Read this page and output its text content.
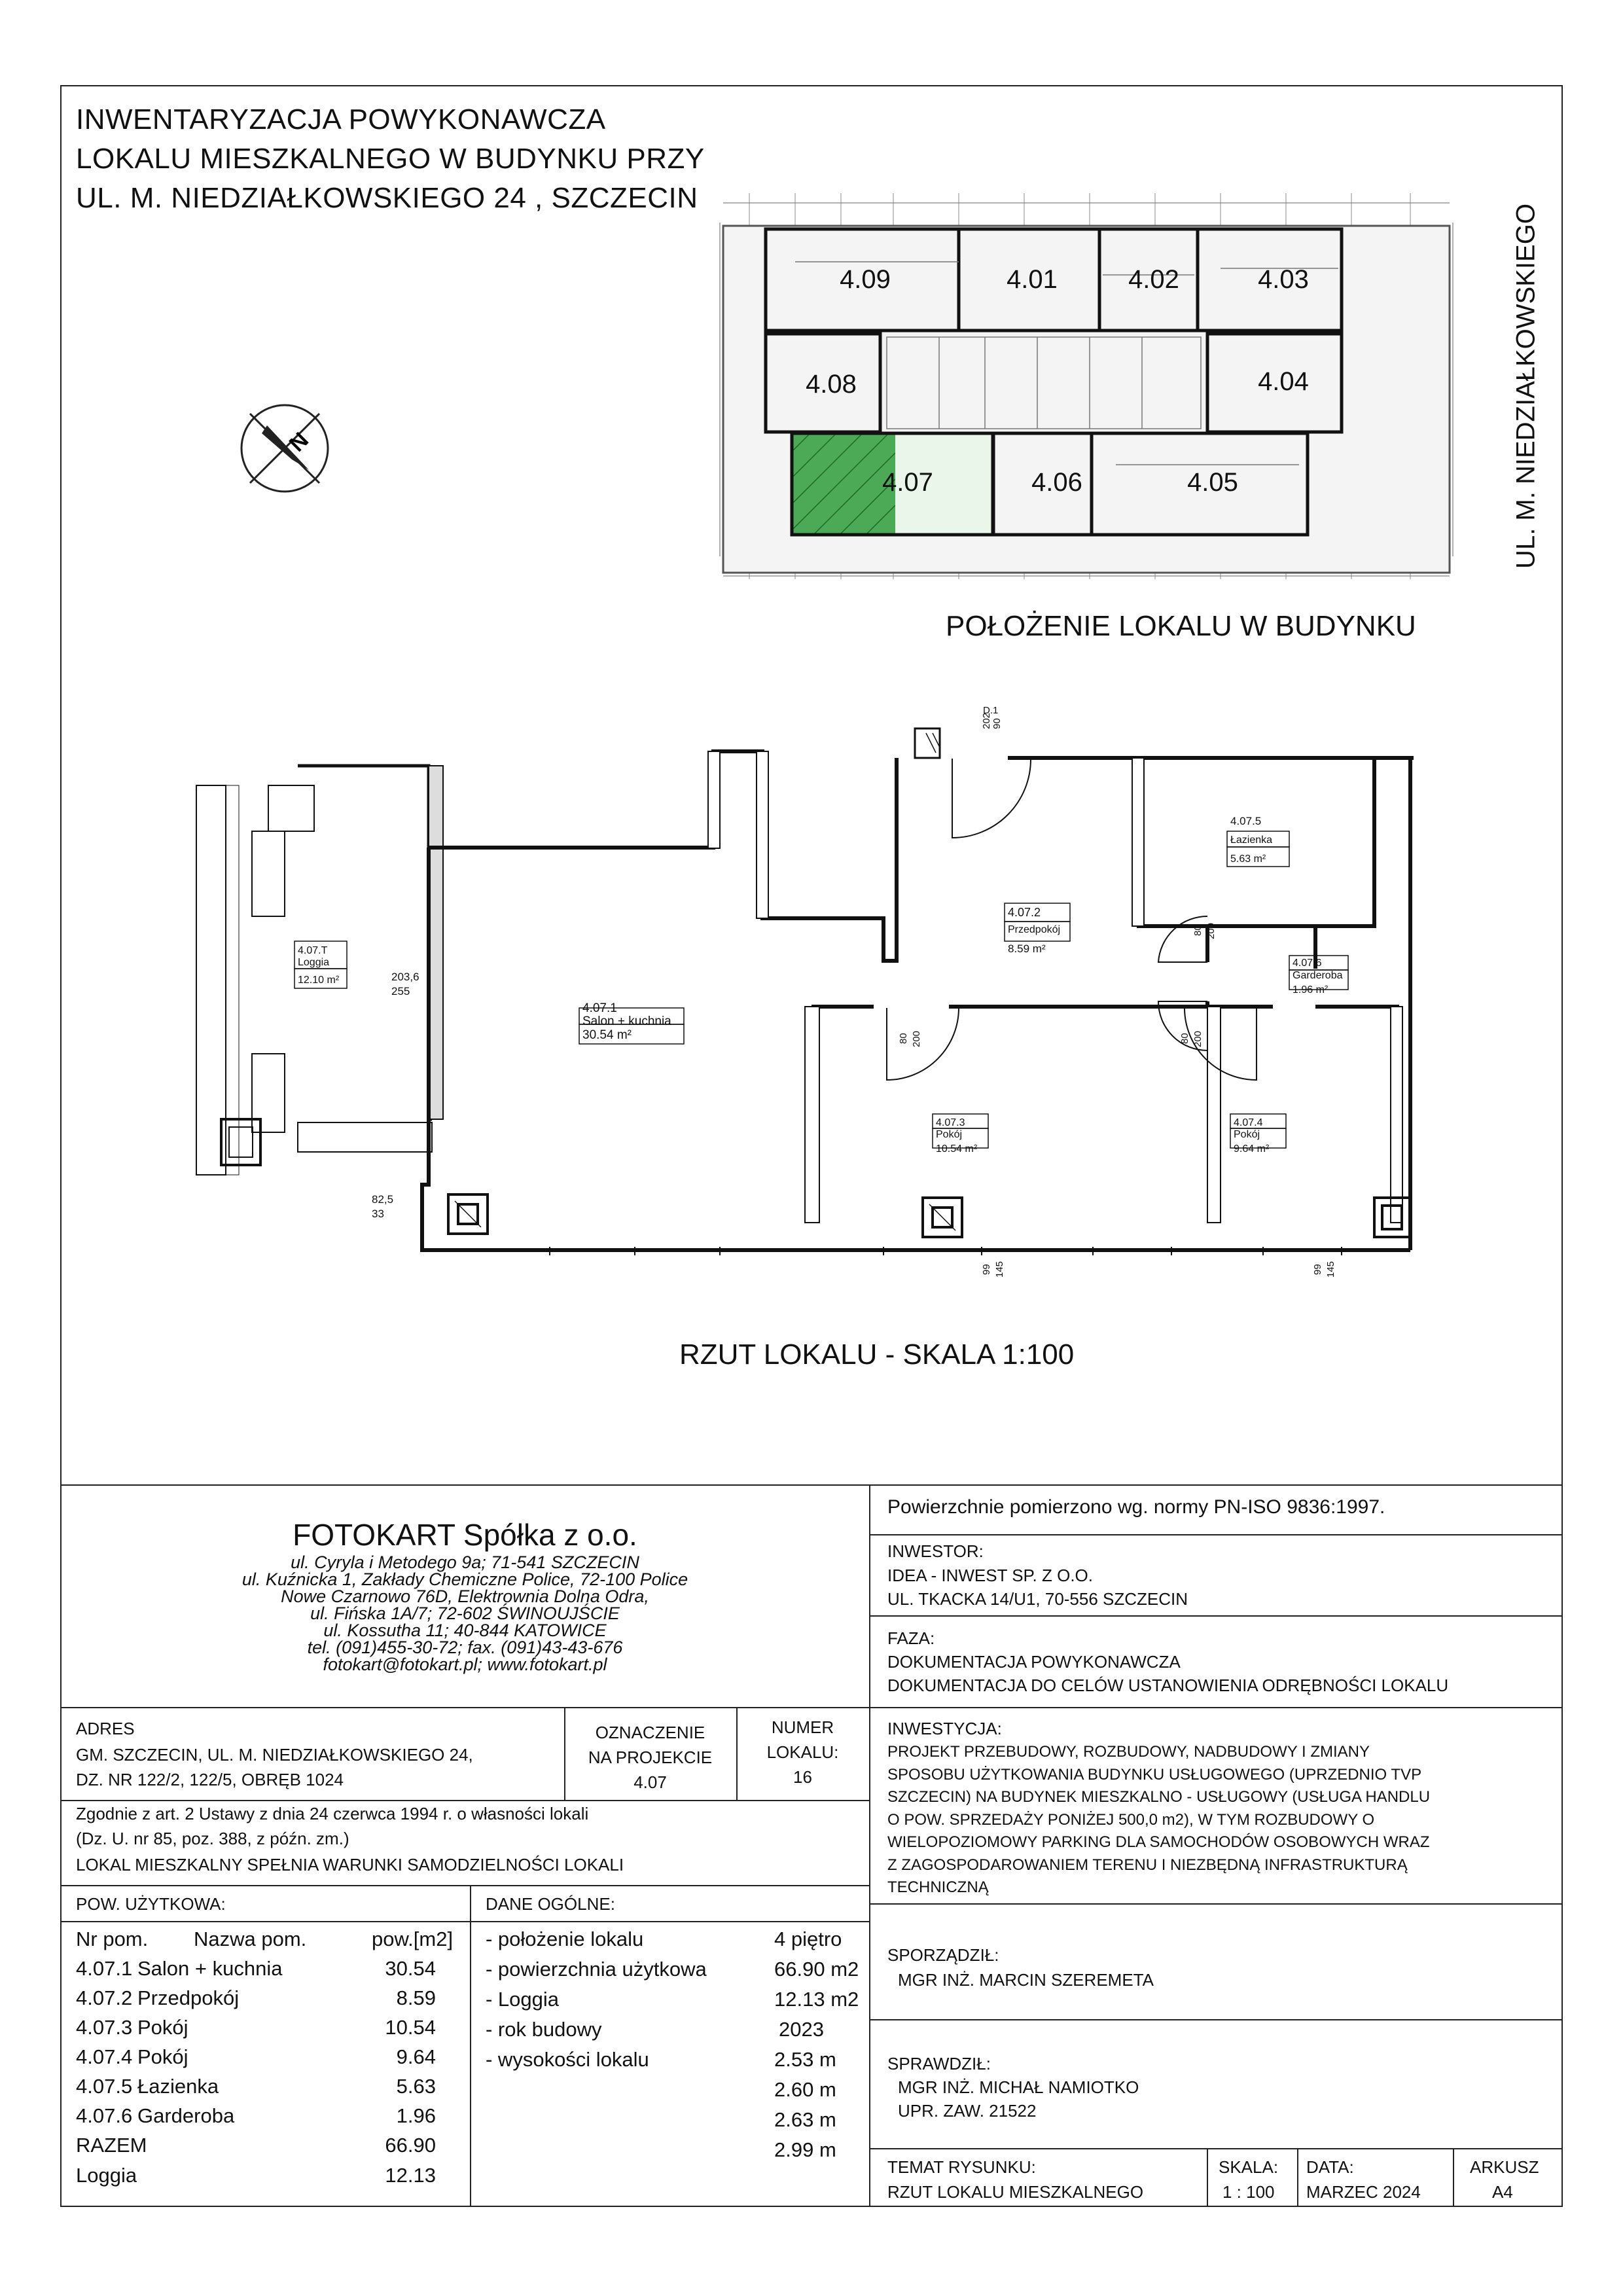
INWENTARYZACJA POWYKONAWCZA
LOKALU MIESZKALNEGO W BUDYNKU PRZY
UL. M. NIEDZIAŁKOWSKIEGO 24 , SZCZECIN
UL. M. NIEDZIAŁKOWSKIEGO
N
4.09	4.01	4.02	4.03
4.08	4.04
4.07	4.06	4.05
POŁOŻENIE LOKALU W BUDYNKU
4.07.T
Loggia
12.10 m²
4.07.1
Salon + kuchnia
30.54 m²
4.07.2
Przedpokój
8.59 m²
4.07.3
Pokój
10.54 m²
4.07.4
Pokój
9.64 m²
4.07.5
Łazienka
5.63 m²
4.07.6
Garderoba
1.96 m²
D.1
202 90
203,6
255
82,5
33
80 200
80 200
80 200
99 145	99 145
RZUT LOKALU - SKALA 1:100
FOTOKART Spółka z o.o.
ul. Cyryla i Metodego 9a; 71-541 SZCZECIN
ul. Kuźnicka 1, Zakłady Chemiczne Police, 72-100 Police
Nowe Czarnowo 76D, Elektrownia Dolna Odra,
ul. Fińska 1A/7; 72-602 ŚWINOUJŚCIE
ul. Kossutha 11; 40-844 KATOWICE
tel. (091)455-30-72; fax. (091)43-43-676
fotokart@fotokart.pl; www.fotokart.pl
Powierzchnie pomierzono wg. normy PN-ISO 9836:1997.
INWESTOR:
IDEA - INWEST SP. Z O.O.
UL. TKACKA 14/U1, 70-556 SZCZECIN
FAZA:
DOKUMENTACJA POWYKONAWCZA
DOKUMENTACJA DO CELÓW USTANOWIENIA ODRĘBNOŚCI LOKALU
INWESTYCJA:
PROJEKT PRZEBUDOWY, ROZBUDOWY, NADBUDOWY I ZMIANY
SPOSOBU UŻYTKOWANIA BUDYNKU USŁUGOWEGO (UPRZEDNIO TVP
SZCZECIN) NA BUDYNEK MIESZKALNO - USŁUGOWY (USŁUGA HANDLU
O POW. SPRZEDAŻY PONIŻEJ 500,0 m2), W TYM ROZBUDOWY O
WIELOPOZIOMOWY PARKING DLA SAMOCHODÓW OSOBOWYCH WRAZ
Z ZAGOSPODAROWANIEM TERENU I NIEZBĘDNĄ INFRASTRUKTURĄ
TECHNICZNĄ
SPORZĄDZIŁ:
MGR INŻ. MARCIN SZEREMETA
SPRAWDZIŁ:
MGR INŻ. MICHAŁ NAMIOTKO
UPR. ZAW. 21522
TEMAT RYSUNKU:
RZUT LOKALU MIESZKALNEGO
SKALA:
1 : 100
DATA:
MARZEC 2024
ARKUSZ
A4
ADRES
GM. SZCZECIN, UL. M. NIEDZIAŁKOWSKIEGO 24,
DZ. NR 122/2, 122/5, OBRĘB 1024
OZNACZENIE
NA PROJEKCIE
4.07
NUMER
LOKALU:
16
Zgodnie z art. 2 Ustawy z dnia 24 czerwca 1994 r. o własności lokali
(Dz. U. nr 85, poz. 388, z późn. zm.)
LOKAL MIESZKALNY SPEŁNIA WARUNKI SAMODZIELNOŚCI LOKALI
POW. UŻYTKOWA:
Nr pom. Nazwa pom.	pow.[m2]
4.07.1 Salon + kuchnia	30.54
4.07.2 Przedpokój	8.59
4.07.3 Pokój	10.54
4.07.4 Pokój	9.64
4.07.5 Łazienka	5.63
4.07.6 Garderoba	1.96
RAZEM	66.90
Loggia	12.13
DANE OGÓLNE:
- położenie lokalu	4 piętro
- powierzchnia użytkowa	66.90 m2
- Loggia	12.13 m2
- rok budowy	2023
- wysokości lokalu	2.53 m
2.60 m
2.63 m
2.99 m
